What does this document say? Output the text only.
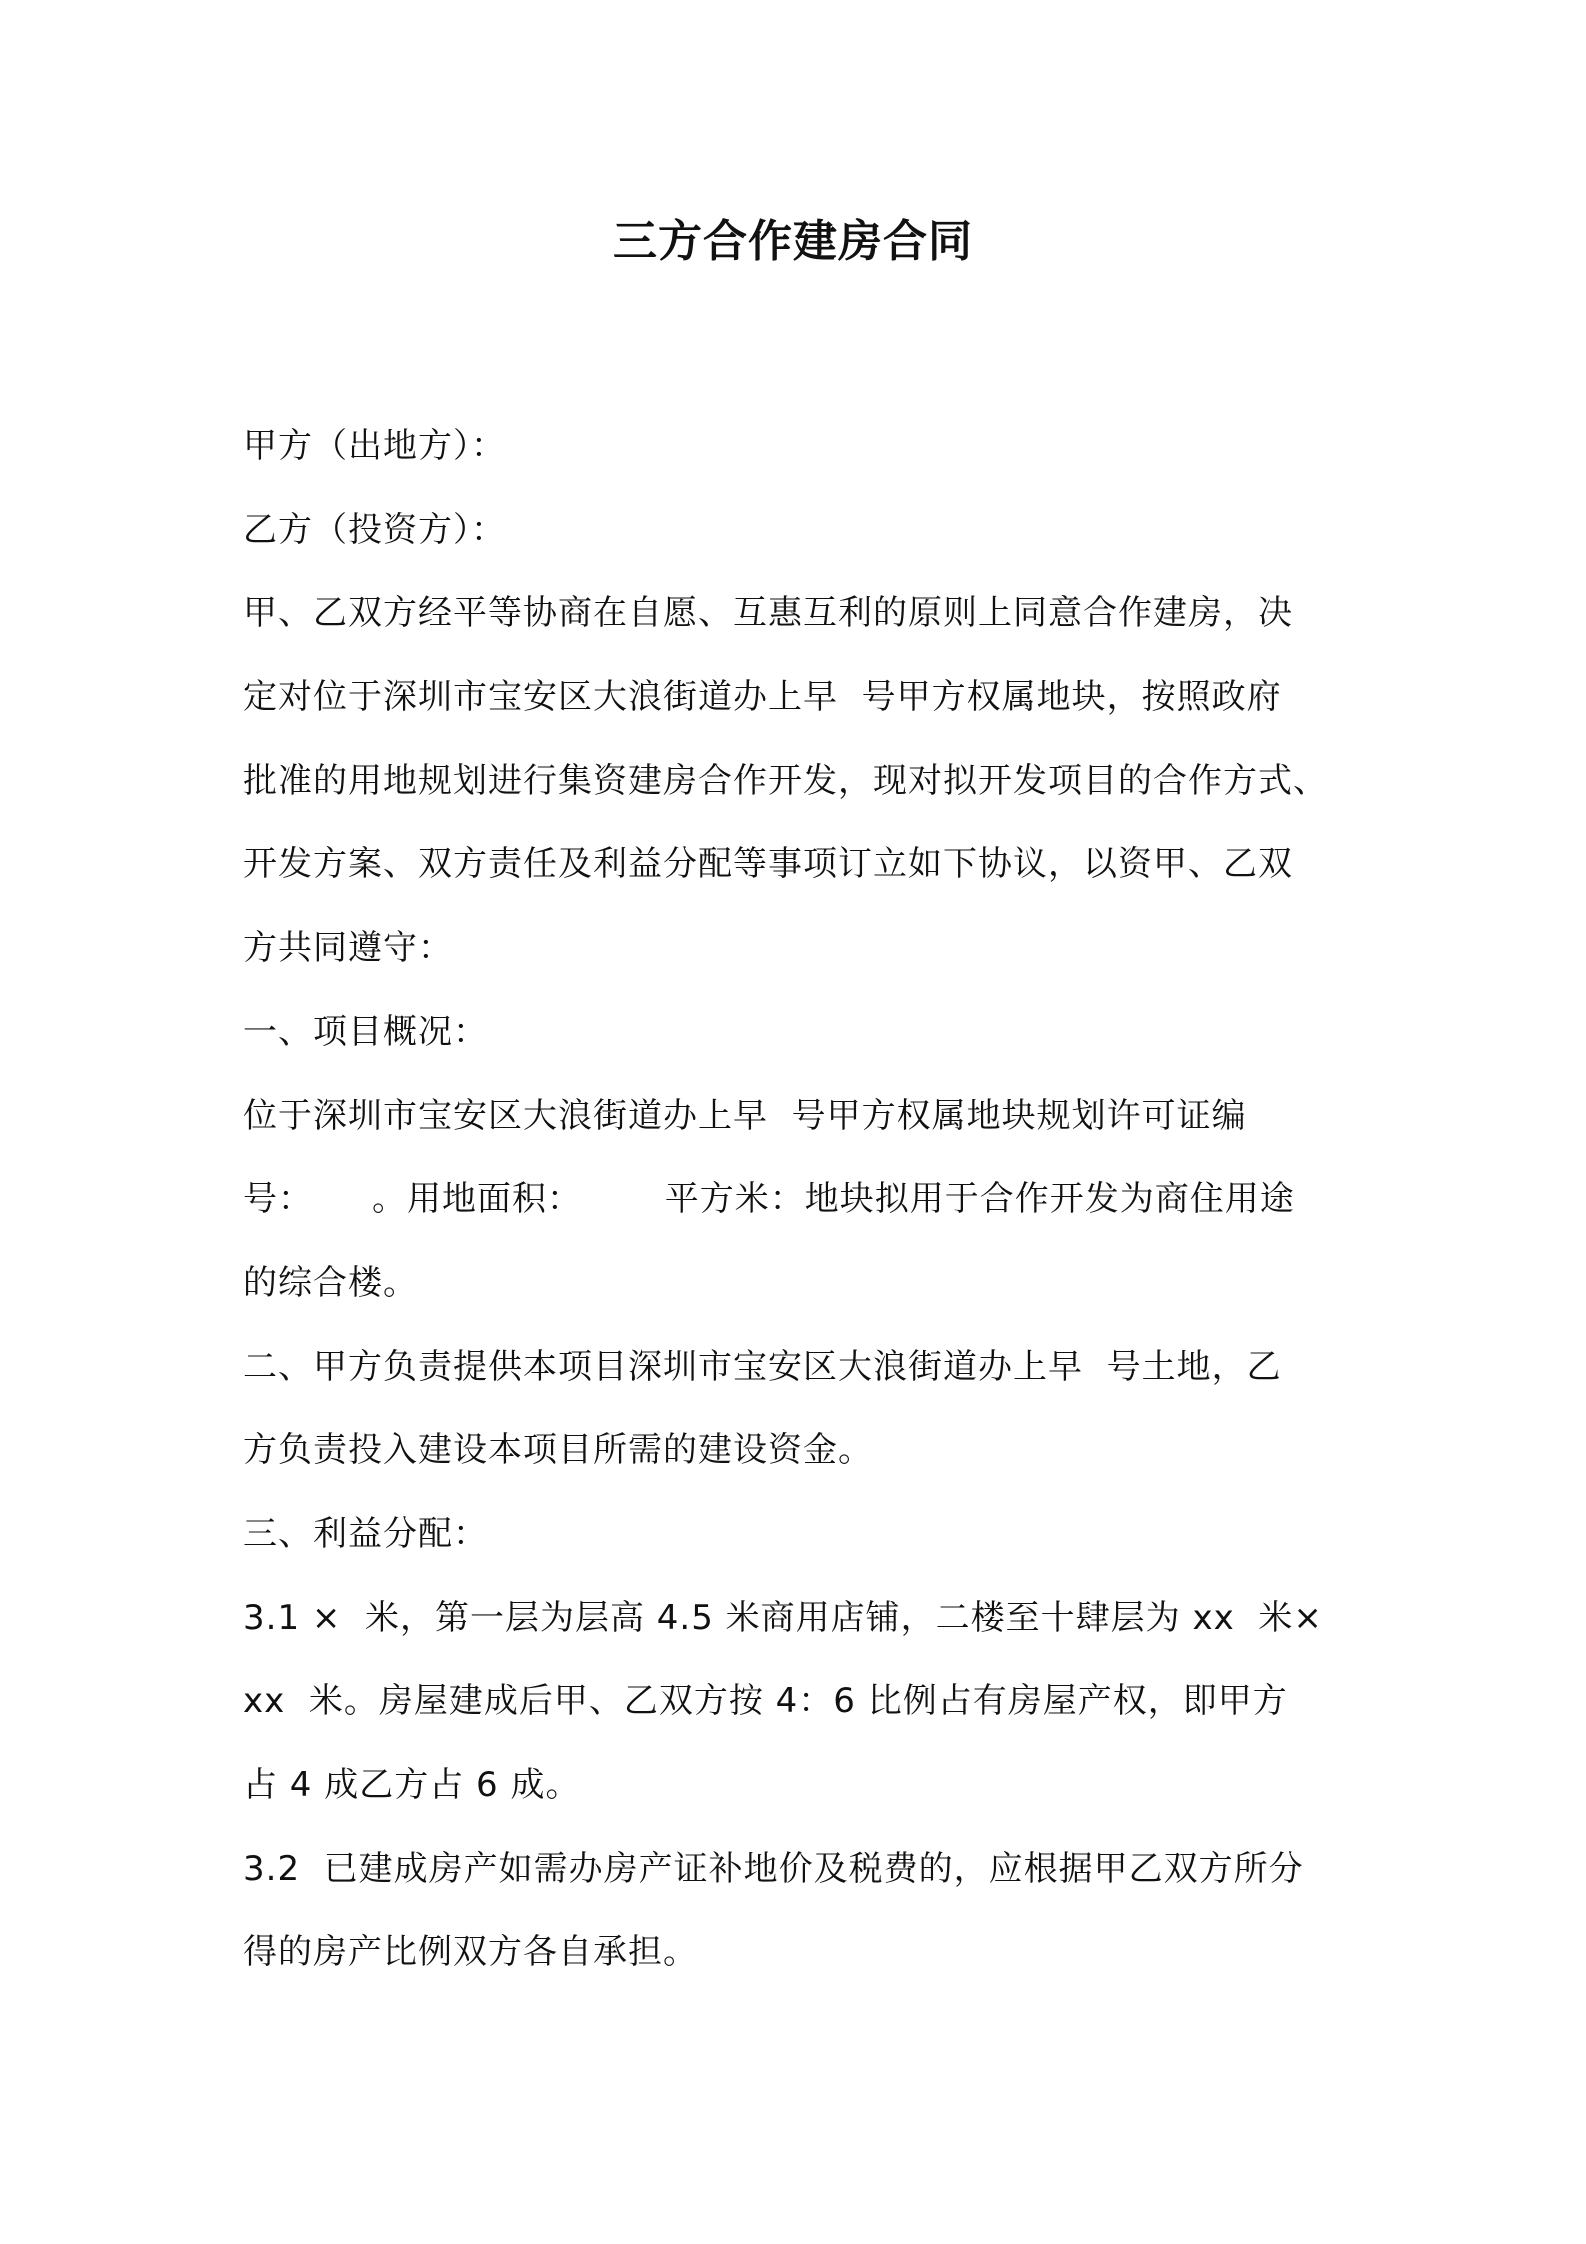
三方合作建房合同
甲方（出地方）：
乙方（投资方）：
甲、乙双方经平等协商在自愿、互惠互利的原则上同意合作建房，决
定对位于深圳市宝安区大浪街道办上早  号甲方权属地块，按照政府
批准的用地规划进行集资建房合作开发，现对拟开发项目的合作方式、
开发方案、双方责任及利益分配等事项订立如下协议，以资甲、乙双
方共同遵守：
一、项目概况：
位于深圳市宝安区大浪街道办上早  号甲方权属地块规划许可证编
号：     。用地面积：       平方米：地块拟用于合作开发为商住用途
的综合楼。
二、甲方负责提供本项目深圳市宝安区大浪街道办上早  号土地，乙
方负责投入建设本项目所需的建设资金。
三、利益分配：
3.1 ×  米，第一层为层高 4.5 米商用店铺，二楼至十肆层为 xx  米×
xx  米。房屋建成后甲、乙双方按 4：6 比例占有房屋产权，即甲方
占 4 成乙方占 6 成。
3.2  已建成房产如需办房产证补地价及税费的，应根据甲乙双方所分
得的房产比例双方各自承担。
